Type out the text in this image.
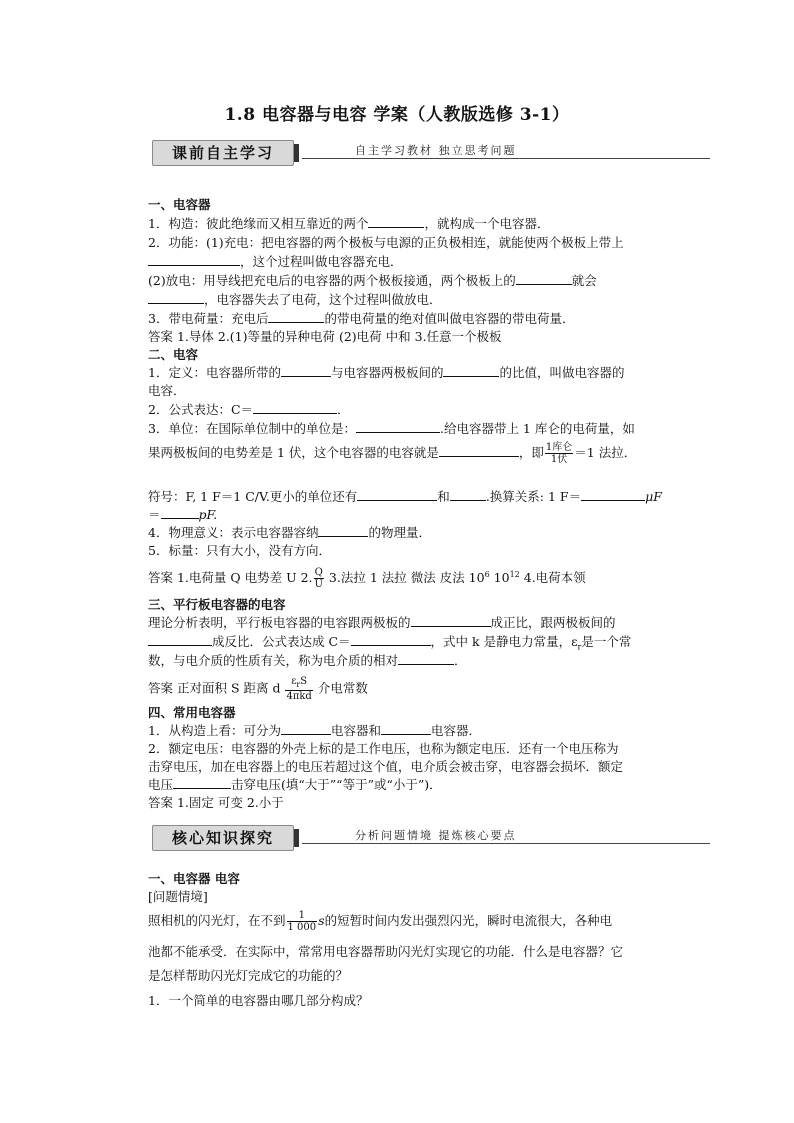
1.8 电容器与电容 学案（人教版选修 3-1）
课前自主学习	自主学习教材 独立思考问题
一、电容器
1．构造：彼此绝缘而又相互靠近的两个	，就构成一个电容器．
2．功能：(1)充电：把电容器的两个极板与电源的正负极相连，就能使两个极板上带上
，这个过程叫做电容器充电．
(2)放电：用导线把充电后的电容器的两个极板接通，两个极板上的	就会
，电容器失去了电荷，这个过程叫做放电．
3．带电荷量：充电后	的带电荷量的绝对值叫做电容器的带电荷量．
答案 1.导体 2.(1)等量的异种电荷 (2)电荷 中和 3.任意一个极板
二、电容
1．定义：电容器所带的	与电容器两极板间的	的比值，叫做电容器的
电容．
2．公式表达：C＝	．
3．单位：在国际单位制中的单位是：	.给电容器带上 1 库仑的电荷量，如
果两极板间的电势差是 1 伏，这个电容器的电容就是	，即 $\frac{\text{1库仑}}{\text{1伏}} =1$ 法拉．
符号：F, 1 F＝1 C/V.更小的单位还有	和	.换算关系: 1 F＝	μF
＝	pF.
4．物理意义：表示电容器容纳	的物理量．
5．标量：只有大小，没有方向．
答案 1.电荷量 Q 电势差 U 2. $\frac{Q}{U} 3$.法拉 1 法拉 微法 皮法 $10^6$ $10^{12}$ 4.电荷本领
三、平行板电容器的电容
理论分析表明，平行板电容器的电容跟两极板的	成正比，跟两极板间的
成反比．公式表达成 C＝	，式中 k 是静电力常量，$\varepsilon_r$是一个常
数，与电介质的性质有关，称为电介质的相对	．
答案 正对面积 S 距离 d $\frac{\varepsilon_rS}{\text{4πkd}}$ 介电常数
四、常用电容器
1．从构造上看：可分为	电容器和	电容器．
2．额定电压：电容器的外壳上标的是工作电压，也称为额定电压．还有一个电压称为
击穿电压，加在电容器上的电压若超过这个值，电介质会被击穿，电容器会损坏．额定
电压	击穿电压(填“大于”“等于”或“小于”)．
答案 1.固定 可变 2.小于
核心知识探究	分析问题情境 提炼核心要点
一、电容器 电容
[问题情境]
照相机的闪光灯，在不到 $\frac{1}{1 000}$ s的短暂时间内发出强烈闪光，瞬时电流很大，各种电
池都不能承受．在实际中，常常用电容器帮助闪光灯实现它的功能．什么是电容器？它
是怎样帮助闪光灯完成它的功能的？
1．一个简单的电容器由哪几部分构成？
